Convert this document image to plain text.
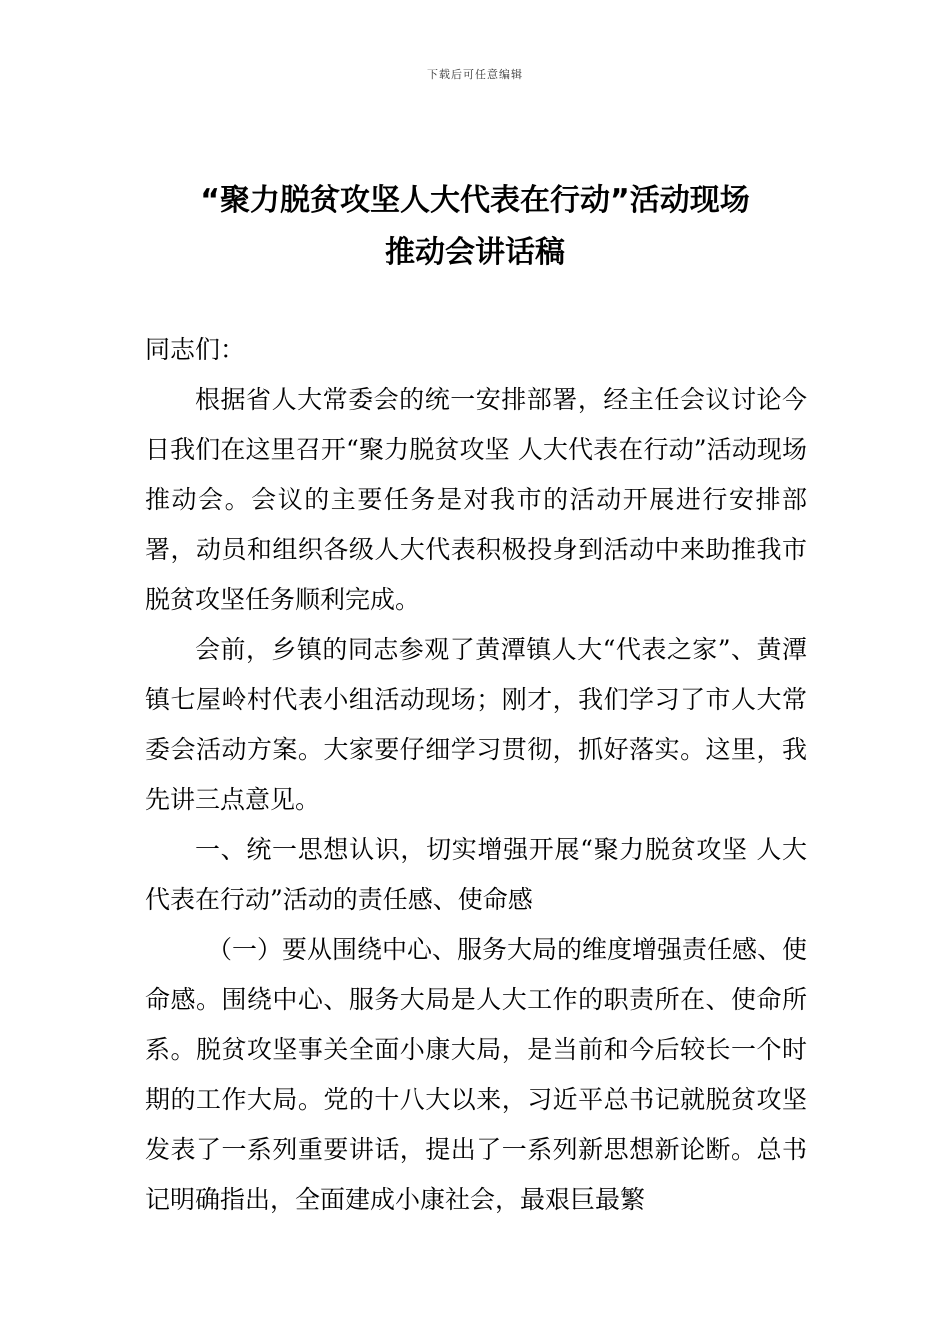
下载后可任意编辑
“聚力脱贫攻坚人大代表在行动”活动现场
推动会讲话稿

同志们：

根据省人大常委会的统一安排部署，经主任会议讨论今日我们在这里召开“聚力脱贫攻坚 人大代表在行动”活动现场推动会。会议的主要任务是对我市的活动开展进行安排部署，动员和组织各级人大代表积极投身到活动中来助推我市脱贫攻坚任务顺利完成。

会前，乡镇的同志参观了黄潭镇人大“代表之家”、黄潭镇七屋岭村代表小组活动现场；刚才，我们学习了市人大常委会活动方案。大家要仔细学习贯彻，抓好落实。这里，我先讲三点意见。

一、统一思想认识，切实增强开展“聚力脱贫攻坚 人大代表在行动”活动的责任感、使命感

（一）要从围绕中心、服务大局的维度增强责任感、使命感。围绕中心、服务大局是人大工作的职责所在、使命所系。脱贫攻坚事关全面小康大局，是当前和今后较长一个时期的工作大局。党的十八大以来，习近平总书记就脱贫攻坚发表了一系列重要讲话，提出了一系列新思想新论断。总书记明确指出，全面建成小康社会，最艰巨最繁
